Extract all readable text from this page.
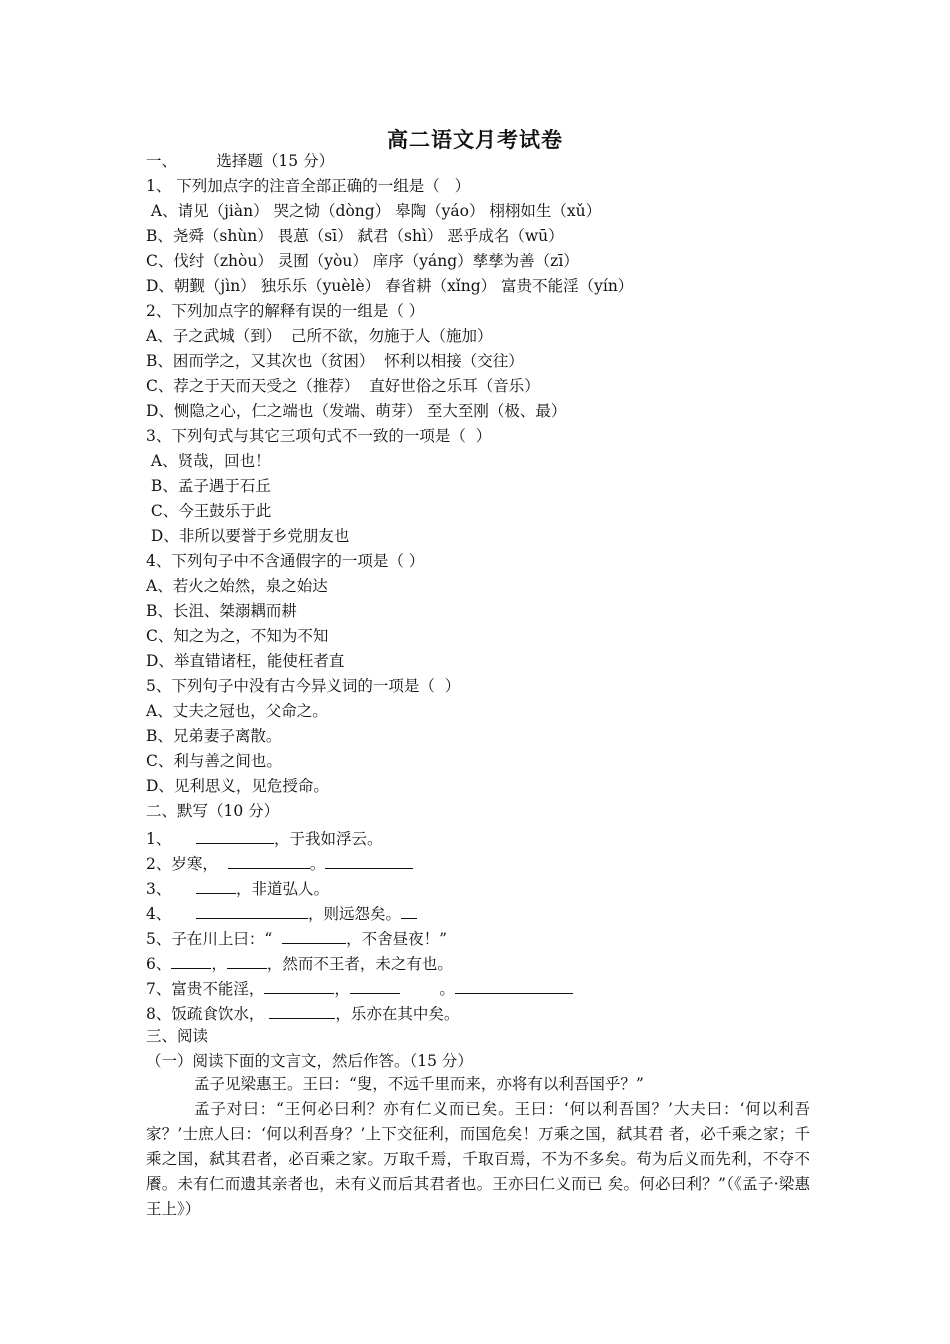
高二语文月考试卷
一、        选择题（15 分）
1、 下列加点字的注音全部正确的一组是（   ）
A、请见（jiàn） 哭之恸（dòng） 皋陶（yáo） 栩栩如生（xǔ）
B、尧舜（shùn） 畏葸（sī） 弑君（shì） 恶乎成名（wū）
C、伐纣（zhòu） 灵囿（yòu） 庠序（yáng）孳孳为善（zī）
D、朝觐（jìn） 独乐乐（yuèlè） 春省耕（xǐng） 富贵不能淫（yín）
2、下列加点字的解释有误的一组是（ ）
A、子之武城（到）  己所不欲，勿施于人（施加）
B、困而学之，又其次也（贫困）  怀利以相接（交往）
C、荐之于天而天受之（推荐）  直好世俗之乐耳（音乐）
D、恻隐之心，仁之端也（发端、萌芽） 至大至刚（极、最）
3、下列句式与其它三项句式不一致的一项是（  ）
A、贤哉，回也！
B、孟子遇于石丘
C、今王鼓乐于此
D、非所以要誉于乡党朋友也
4、下列句子中不含通假字的一项是（ ）
A、若火之始然，泉之始达
B、长沮、桀溺耦而耕
C、知之为之，不知为不知
D、举直错诸枉，能使枉者直
5、下列句子中没有古今异义词的一项是（  ）
A、丈夫之冠也，父命之。
B、兄弟妻子离散。
C、利与善之间也。
D、见利思义，见危授命。
二、默写（10 分）
1、	，于我如浮云。
2、岁寒，	。
3、	，非道弘人。
4、	，则远怨矣。
5、子在川上曰：“	，不舍昼夜！”
6、	，	，然而不王者，未之有也。
7、富贵不能淫，	，	。
8、饭疏食饮水，	，乐亦在其中矣。
三、阅读
（一）阅读下面的文言文，然后作答。（15 分）
孟子见梁惠王。王曰：“叟，不远千里而来，亦将有以利吾国乎？”
孟子对曰：“王何必曰利？亦有仁义而已矣。王曰：‘何以利吾国？’大夫曰：‘何以利吾家？’士庶人曰：‘何以利吾身？’上下交征利，而国危矣！万乘之国，弑其君 者，必千乘之家；千乘之国，弑其君者，必百乘之家。万取千焉，千取百焉，不为不多矣。苟为后义而先利，不夺不餍。未有仁而遗其亲者也，未有义而后其君者也。王亦曰仁义而已 矣。何必曰利？”（《孟子·梁惠王上》）
